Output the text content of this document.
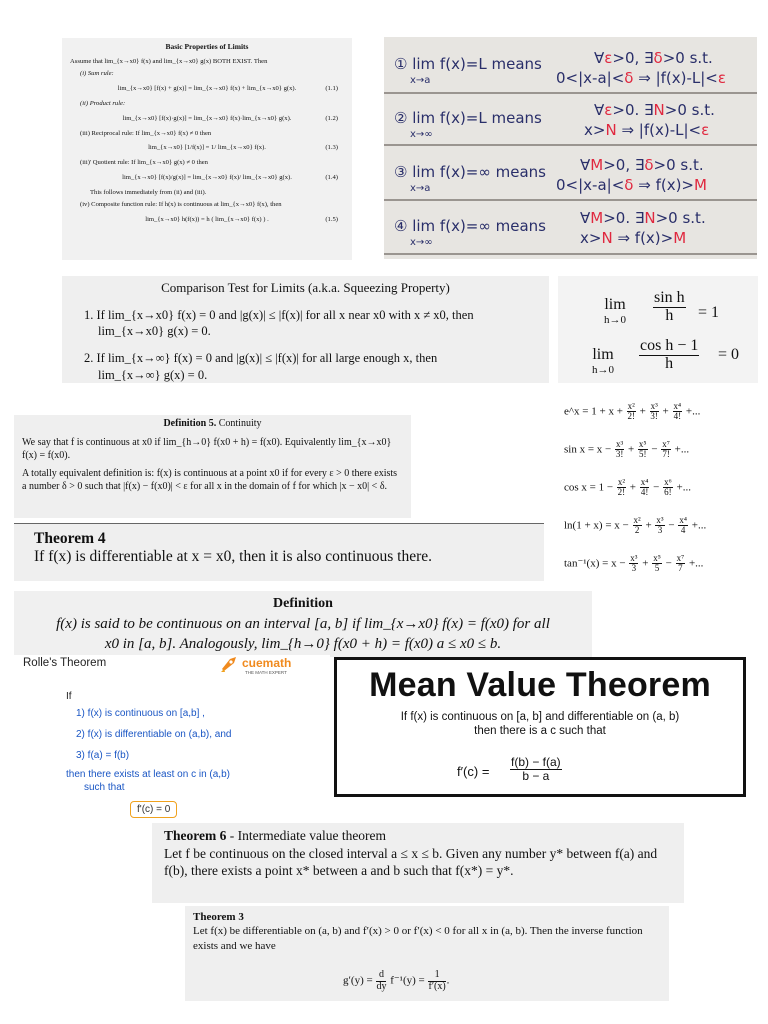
Basic Properties of Limits
Assume that lim_{x→x0} f(x) and lim_{x→x0} g(x) BOTH EXIST. Then
(i) Sum rule:
lim_{x→x0} [f(x) + g(x)] = lim_{x→x0} f(x) + lim_{x→x0} g(x).	(1.1)
(ii) Product rule:
lim_{x→x0} [f(x)·g(x)] = lim_{x→x0} f(x)·lim_{x→x0} g(x).	(1.2)
(iii) Reciprocal rule: If lim_{x→x0} f(x) ≠ 0 then
lim_{x→x0} [1/f(x)] = 1/ lim_{x→x0} f(x).	(1.3)
(iii)' Quotient rule: If lim_{x→x0} g(x) ≠ 0 then
lim_{x→x0} [f(x)/g(x)] = lim_{x→x0} f(x)/ lim_{x→x0} g(x).	(1.4)
This follows immediately from (ii) and (iii).
(iv) Composite function rule: If h(x) is continuous at lim_{x→x0} f(x), then
lim_{x→x0} h(f(x)) = h ( lim_{x→x0} f(x) ) .	(1.5)
① lim f(x)=L means
x→a
∀ε>0, ∃δ>0 s.t.
0<|x-a|<δ ⇒ |f(x)-L|<ε
② lim f(x)=L means
x→∞
∀ε>0. ∃N>0 s.t.
x>N ⇒ |f(x)-L|<ε
③ lim f(x)=∞ means
x→a
∀M>0, ∃δ>0 s.t.
0<|x-a|<δ ⇒ f(x)>M
④ lim f(x)=∞ means
x→∞
∀M>0. ∃N>0 s.t.
x>N ⇒ f(x)>M
Comparison Test for Limits (a.k.a. Squeezing Property)
1. If lim_{x→x0} f(x) = 0 and |g(x)| ≤ |f(x)| for all x near x0 with x ≠ x0, then
lim_{x→x0} g(x) = 0.
2. If lim_{x→∞} f(x) = 0 and |g(x)| ≤ |f(x)| for all large enough x, then
lim_{x→∞} g(x) = 0.
lim
$h\to 0 \frac{\text{sin h}}{h} = 1$
lim
$h\to 0 \frac{\text{cos h − 1}}{h} = 0$
Definition 5. Continuity
We say that f is continuous at x0 if lim_{h→0} f(x0 + h) = f(x0). Equivalently lim_{x→x0} f(x) = f(x0).
A totally equivalent definition is: f(x) is continuous at a point x0 if for every ε > 0 there exists a number δ > 0 such that |f(x) − f(x0)| < ε for all x in the domain of f for which |x − x0| < δ.
e^x = $1 + x + \frac{\text{x²}}{2!} + \frac{\text{x³}}{3!} + \frac{\text{x⁴}}{4!}$ +...
$\sin x = x - \frac{\text{x³}}{3!} + \frac{\text{x⁵}}{5!} - \frac{\text{x⁷}}{7!}$ +...
$\cos x = 1 - \frac{\text{x²}}{2!} + \frac{\text{x⁴}}{4!} - \frac{\text{x⁶}}{6!}$ +...
$\ln(1 + x) = x - \frac{\text{x²}}{2} + \frac{\text{x³}}{3} - \frac{\text{x⁴}}{4}$ +...
$\tan^{-1}(x) = x - \frac{\text{x³}}{3} + \frac{\text{x⁵}}{5} - \frac{\text{x⁷}}{7}$ +...
Theorem 4
If f(x) is differentiable at x = x0, then it is also continuous there.
Definition
f(x) is said to be continuous on an interval [a, b] if lim_{x→x0} f(x) = f(x0) for all
x0 in [a, b]. Analogously, lim_{h→0} f(x0 + h) = f(x0) a ≤ x0 ≤ b.
Rolle's Theorem	cuemath
THE MATH EXPERT
If
1) f(x) is continuous on [a,b] ,
2) f(x) is differentiable on (a,b), and
3) f(a) = f(b)
then there exists at least on c in (a,b)
such that
f'(c) = 0
Mean Value Theorem
If f(x) is continuous on [a, b] and differentiable on (a, b)
then there is a c such that
$f'(c) = \frac{f(b) - f(a)}{b - a}$
Theorem 6 - Intermediate value theorem
Let f be continuous on the closed interval a ≤ x ≤ b. Given any number y* between f(a) and f(b), there exists a point x* between a and b such that f(x*) = y*.
Theorem 3
Let f(x) be differentiable on (a, b) and f′(x) > 0 or f′(x) < 0 for all x in (a, b). Then the inverse function exists and we have
$g'(y) = \frac{d}{dy} f^{-1}(y) = \frac{1}{f'(x)}$ .
